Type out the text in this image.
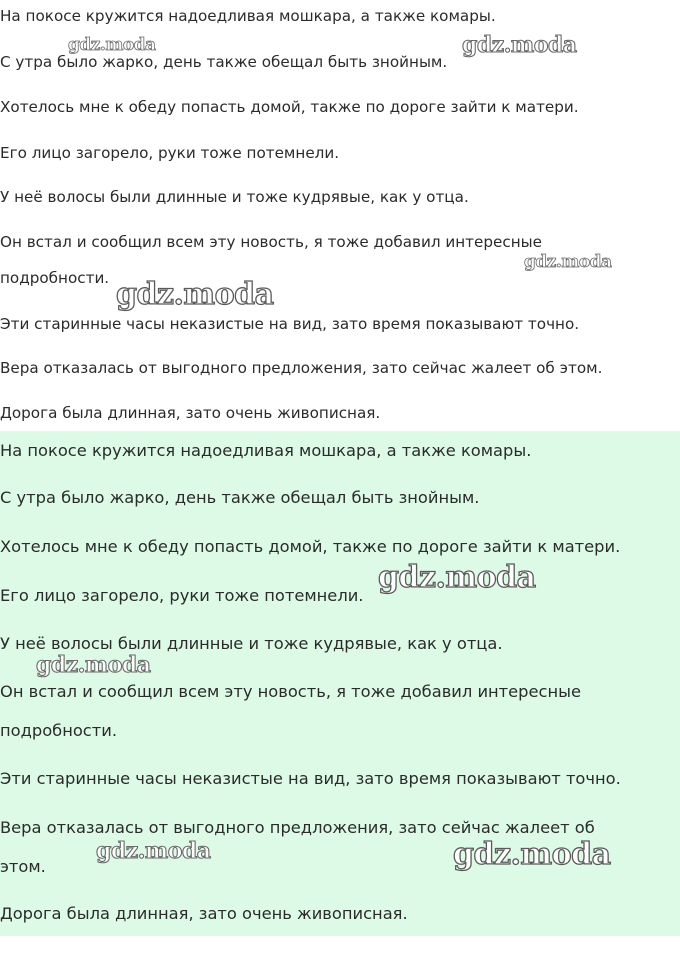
На покосе кружится надоедливая мошкара, а также комары.
С утра было жарко, день также обещал быть знойным.
Хотелось мне к обеду попасть домой, также по дороге зайти к матери.
Его лицо загорело, руки тоже потемнели.
У неё волосы были длинные и тоже кудрявые, как у отца.
Он встал и сообщил всем эту новость, я тоже добавил интересные
подробности.
Эти старинные часы неказистые на вид, зато время показывают точно.
Вера отказалась от выгодного предложения, зато сейчас жалеет об этом.
Дорога была длинная, зато очень живописная.
На покосе кружится надоедливая мошкара, а также комары.
С утра было жарко, день также обещал быть знойным.
Хотелось мне к обеду попасть домой, также по дороге зайти к матери.
Его лицо загорело, руки тоже потемнели.
У неё волосы были длинные и тоже кудрявые, как у отца.
Он встал и сообщил всем эту новость, я тоже добавил интересные
подробности.
Эти старинные часы неказистые на вид, зато время показывают точно.
Вера отказалась от выгодного предложения, зато сейчас жалеет об
этом.
Дорога была длинная, зато очень живописная.
gdz.moda	gdz.moda
gdz.moda
gdz.moda
gdz.moda
gdz.moda
gdz.moda	gdz.moda
